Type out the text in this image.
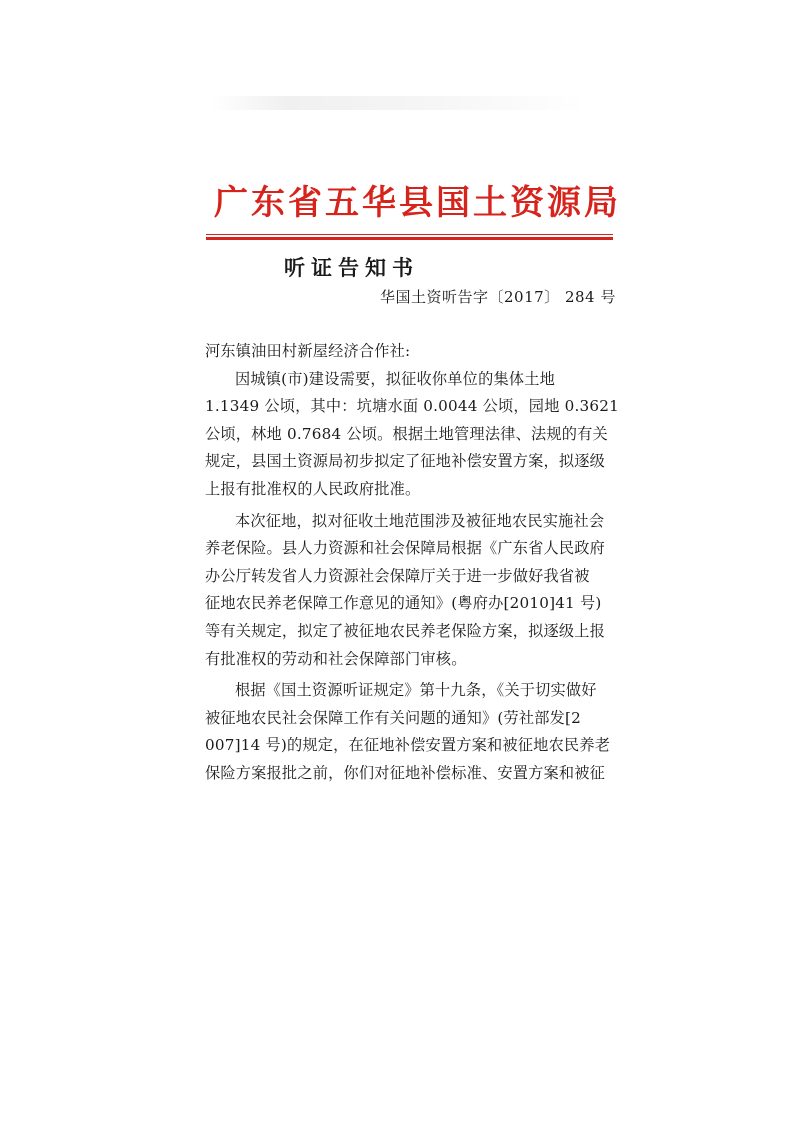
广东省五华县国土资源局
听证告知书
华国土资听告字〔2017〕 284 号
河东镇油田村新屋经济合作社:
因城镇(市)建设需要，拟征收你单位的集体土地
1.1349 公顷，其中：坑塘水面 0.0044 公顷，园地 0.3621
公顷，林地 0.7684 公顷。根据土地管理法律、法规的有关
规定，县国土资源局初步拟定了征地补偿安置方案，拟逐级
上报有批准权的人民政府批准。
本次征地，拟对征收土地范围涉及被征地农民实施社会
养老保险。县人力资源和社会保障局根据《广东省人民政府
办公厅转发省人力资源社会保障厅关于进一步做好我省被
征地农民养老保障工作意见的通知》(粤府办[2010]41 号)
等有关规定，拟定了被征地农民养老保险方案，拟逐级上报
有批准权的劳动和社会保障部门审核。
根据《国土资源听证规定》第十九条，《关于切实做好
被征地农民社会保障工作有关问题的通知》(劳社部发[2
007]14 号)的规定，在征地补偿安置方案和被征地农民养老
保险方案报批之前，你们对征地补偿标准、安置方案和被征
